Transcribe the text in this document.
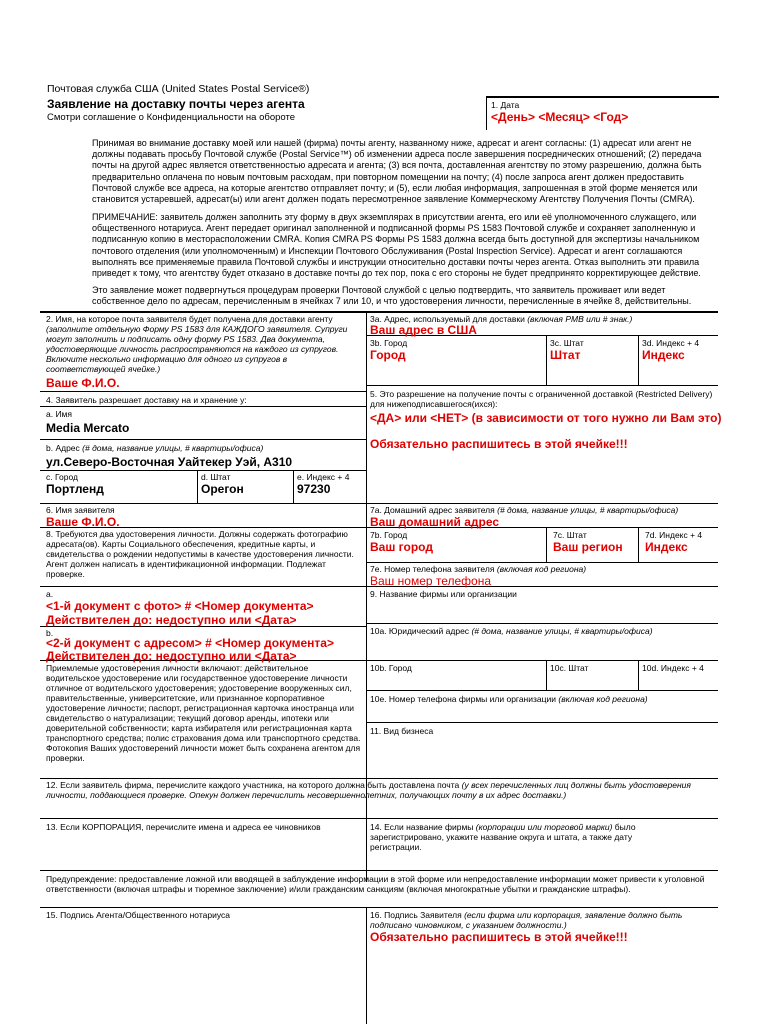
Почтовая служба США (United States Postal Service®)
Заявление на доставку почты через агента
Смотри соглашение о Конфиденциальности на обороте
1. Дата
<День> <Месяц> <Год>
Принимая во внимание доставку моей или нашей (фирма) почты агенту, названному ниже, адресат и агент согласны: (1) адресат или агент не должны подавать просьбу Почтовой службе (Postal Service™) об изменении адреса после завершения посреднических отношений; (2) передача почты на другой адрес является ответственностью адресата и агента; (3) вся почта, доставленная агентству по этому разрешению, должна быть предварительно оплачена по новым почтовым расходам, при повторном помещении на почту; (4) после запроса агент должен предоставить Почтовой службе все адреса, на которые агентство отправляет почту; и (5), если любая информация, запрошенная в этой форме меняется или становится устаревшей, адресат(ы) или агент должен подать пересмотренное заявление Коммерческому Агентству Получения Почты (CMRA).
ПРИМЕЧАНИЕ: заявитель должен заполнить эту форму в двух экземплярах в присутствии агента, его или её уполномоченного служащего, или общественного нотариуса. Агент передает оригинал заполненной и подписанной формы PS 1583 Почтовой службе и сохраняет заполненную и подписанную копию в месторасположении CMRA. Копия CMRA PS Формы PS 1583 должна всегда быть доступной для экспертизы начальником почтового отделения (или уполномоченным) и Инспекции Почтового Обслуживания (Postal Inspection Service). Адресат и агент соглашаются выполнять все применяемые правила Почтовой службы и инструкции относительно доставки почты через агента. Отказ выполнить эти правила приведет к тому, что агентству будет отказано в доставке почты до тех пор, пока с его стороны не будет предпринято корректирующее действие.
Это заявление может подвергнуться процедурам проверки Почтовой службой с целью подтвердить, что заявитель проживает или ведет собственное дело по адресам, перечисленным в ячейках 7 или 10, и что удостоверения личности, перечисленные в ячейке 8, действительны.
2. Имя, на которое почта заявителя будет получена для доставки агенту (заполните отдельную Форму PS 1583 для КАЖДОГО заявителя. Супруги могут заполнить и подписать одну форму PS 1583. Два документа, удостоверяющие личность распространяются на каждого из супругов. Включите нескольно информацию для одного из супругов в соответствующей ячейке.)
Ваше Ф.И.О.
3a. Адрес, используемый для доставки (включая PMB или # знак.)
Ваш адрес в США
3b. Город
Город
3c. Штат
Штат
3d. Индекс + 4
Индекс
4. Заявитель разрешает доставку на и хранение у:
a. Имя
Media Mercato
b. Адрес (# дома, название улицы, # квартиры/офиса)
ул.Северо-Восточная Уайтекер Уэй, А310
c. Город
Портленд
d. Штат
Орегон
e. Индекс + 4
97230
5. Это разрешение на получение почты с ограниченной доставкой (Restricted Delivery) для нижеподписавшегося(ихся):
<ДА> или <НЕТ> (в зависимости от того нужно ли Вам это)
Обязательно распишитесь в этой ячейке!!!
6. Имя заявителя
Ваше Ф.И.О.
7a. Домашний адрес заявителя (# дома, название улицы, # квартиры/офиса)
Ваш домашний адрес
7b. Город
Ваш город
7c. Штат
Ваш регион
7d. Индекс + 4
Индекс
7e. Номер телефона заявителя (включая код региона)
Ваш номер телефона
8. Требуются два удостоверения личности. Должны содержать фотографию адресата(ов). Карты Социального обеспечения, кредитные карты, и свидетельства о рождении недопустимы в качестве удостоверения личности. Агент должен написать в идентификационной информации. Подлежат проверке.
a.
<1-й документ с фото> # <Номер документа>
Действителен до: недоступно или <Дата>
b.
<2-й документ с адресом> # <Номер документа>
Действителен до: недоступно или <Дата>
Приемлемые удостоверения личности включают: действительное водительское удостоверение или государственное удостоверение личности отличное от водительского удостоверения; удостоверение вооруженных сил, правительственные, университетские, или признанное корпоративное удостоверение личности; паспорт, регистрационная карточка иностранца или свидетельство о натурализации; текущий договор аренды, ипотеки или доверительной собственности; карта избирателя или регистрационная карта транспортного средства; полис страхования дома или транспортного средства. Фотокопия Ваших удостоверений личности может быть сохранена агентом для проверки.
9. Название фирмы или организации
10a. Юридический адрес (# дома, название улицы, # квартиры/офиса)
10b. Город	10c. Штат	10d. Индекс + 4
10e. Номер телефона фирмы или организации (включая код региона)
11. Вид бизнеса
12. Если заявитель фирма, перечислите каждого участника, на которого должна быть доставлена почта (у всех перечисленных лиц должны быть удостоверения личности, поддающиеся проверке. Опекун должен перечислить несовершеннолетних, получающих почту в их адрес доставки.)
13. Если КОРПОРАЦИЯ, перечислите имена и адреса ее чиновников	14. Если название фирмы (корпорации или торговой марки) было зарегистрировано, укажите название округа и штата, а также дату регистрации.
Предупреждение: предоставление ложной или вводящей в заблуждение информации в этой форме или непредоставление информации может привести к уголовной ответственности (включая штрафы и тюремное заключение) и/или гражданским санкциям (включая многократные убытки и гражданские штрафы).
15. Подпись Агента/Общественного нотариуса	16. Подпись Заявителя (если фирма или корпорация, заявление должно быть подписано чиновником, с указанием должности.)
Обязательно распишитесь в этой ячейке!!!
